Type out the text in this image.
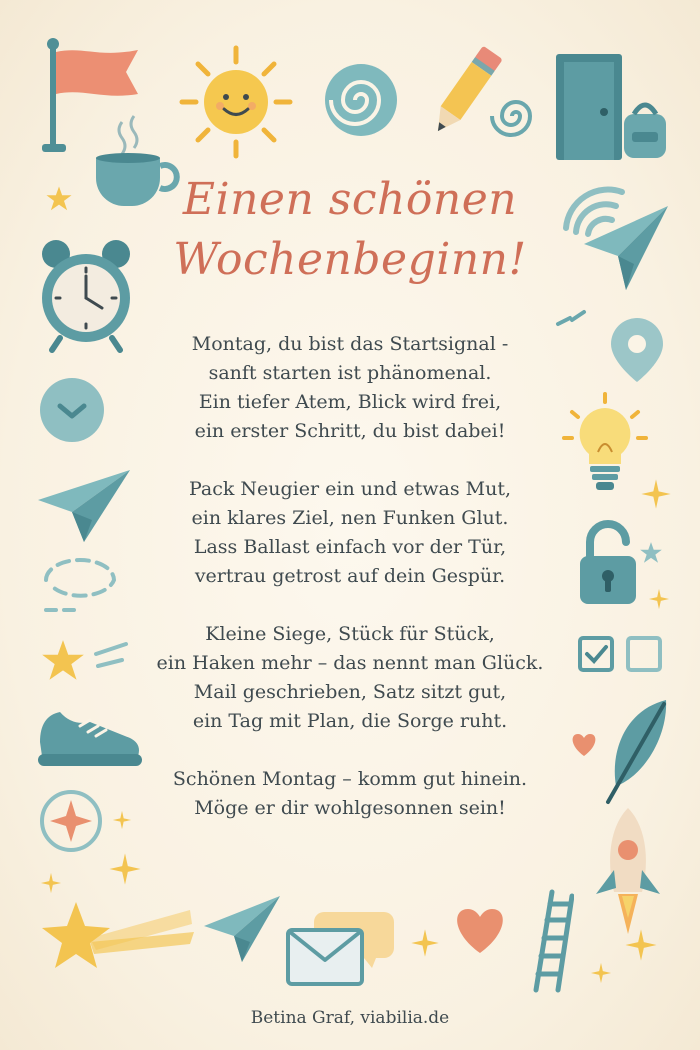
Einen schönen
Wochenbeginn!
Montag, du bist das Startsignal -
sanft starten ist phänomenal.
Ein tiefer Atem, Blick wird frei,
ein erster Schritt, du bist dabei!
Pack Neugier ein und etwas Mut,
ein klares Ziel, nen Funken Glut.
Lass Ballast einfach vor der Tür,
vertrau getrost auf dein Gespür.
Kleine Siege, Stück für Stück,
ein Haken mehr – das nennt man Glück.
Mail geschrieben, Satz sitzt gut,
ein Tag mit Plan, die Sorge ruht.
Schönen Montag – komm gut hinein.
Möge er dir wohlgesonnen sein!
Betina Graf, viabilia.de
